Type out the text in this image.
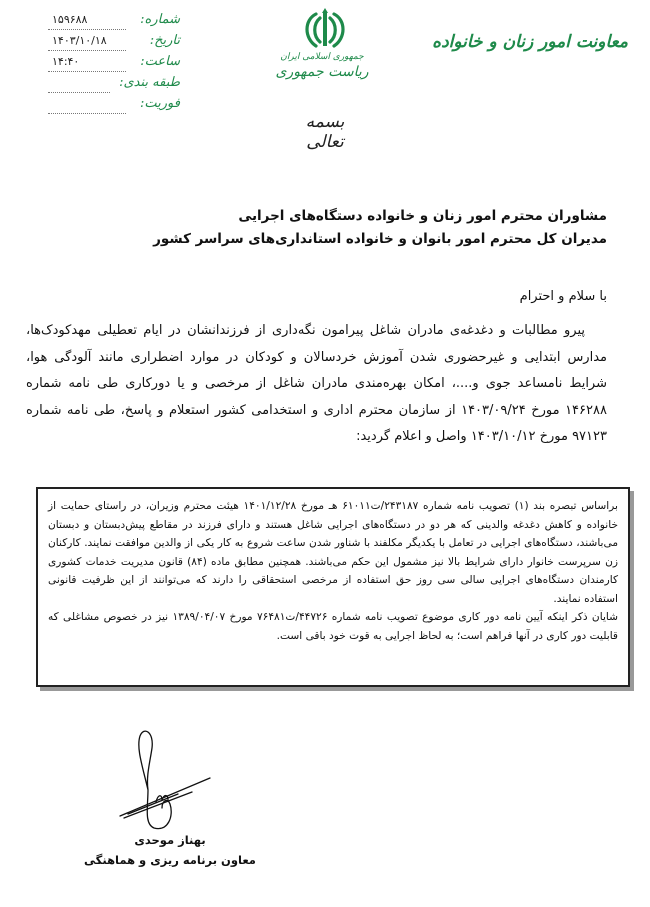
معاونت امور زنان و خانواده
جمهوری اسلامی ایران
ریاست جمهوری
بسمه تعالی
شماره:
۱۵۹۶۸۸
تاریخ:
۱۴۰۳/۱۰/۱۸
ساعت:
۱۴:۴۰
طبقه بندی:
فوریت:
مشاوران محترم امور زنان و خانواده دستگاه‌های اجرایی
مدیران کل محترم امور بانوان و خانواده استانداری‌های سراسر کشور
با سلام و احترام
پیرو مطالبات و دغدغه‌ی مادران شاغل پیرامون نگه‌داری از فرزندانشان در ایام تعطیلی مهدکودک‌ها، مدارس ابتدایی و غیرحضوری شدن آموزش خردسالان و کودکان در موارد اضطراری مانند آلودگی هوا، شرایط نامساعد جوی و....، امکان بهره‌مندی مادران شاغل از مرخصی و یا دورکاری طی نامه شماره ۱۴۶۲۸۸ مورخ ۱۴۰۳/۰۹/۲۴ از سازمان محترم اداری و استخدامی کشور استعلام و پاسخ، طی نامه شماره ۹۷۱۲۳ مورخ ۱۴۰۳/۱۰/۱۲ واصل و اعلام گردید:

براساس تبصره بند (۱) تصویب نامه شماره ۲۴۳۱۸۷/ت۶۱۰۱۱ هـ مورخ ۱۴۰۱/۱۲/۲۸ هیئت محترم وزیران، در راستای حمایت از خانواده و کاهش دغدغه والدینی که هر دو در دستگاه‌های اجرایی شاغل هستند و دارای فرزند در مقاطع پیش‌دبستان و دبستان می‌باشند، دستگاه‌های اجرایی در تعامل با یکدیگر مکلفند با شناور شدن ساعت شروع به کار یکی از والدین موافقت نمایند. کارکنان زن سرپرست خانوار دارای شرایط بالا نیز مشمول این حکم می‌باشند. همچنین مطابق ماده (۸۴) قانون مدیریت خدمات کشوری کارمندان دستگاه‌های اجرایی سالی سی روز حق استفاده از مرخصی استحقاقی را دارند که می‌توانند از این ظرفیت قانونی استفاده نمایند.

شایان ذکر اینکه آیین نامه دور کاری موضوع تصویب نامه شماره ۴۴۷۲۶/ت۷۶۴۸۱ مورخ ۱۳۸۹/۰۴/۰۷ نیز در خصوص مشاغلی که قابلیت دور کاری در آنها فراهم است؛ به لحاظ اجرایی به قوت خود باقی است.

بهناز موحدی
معاون برنامه ریزی و هماهنگی
